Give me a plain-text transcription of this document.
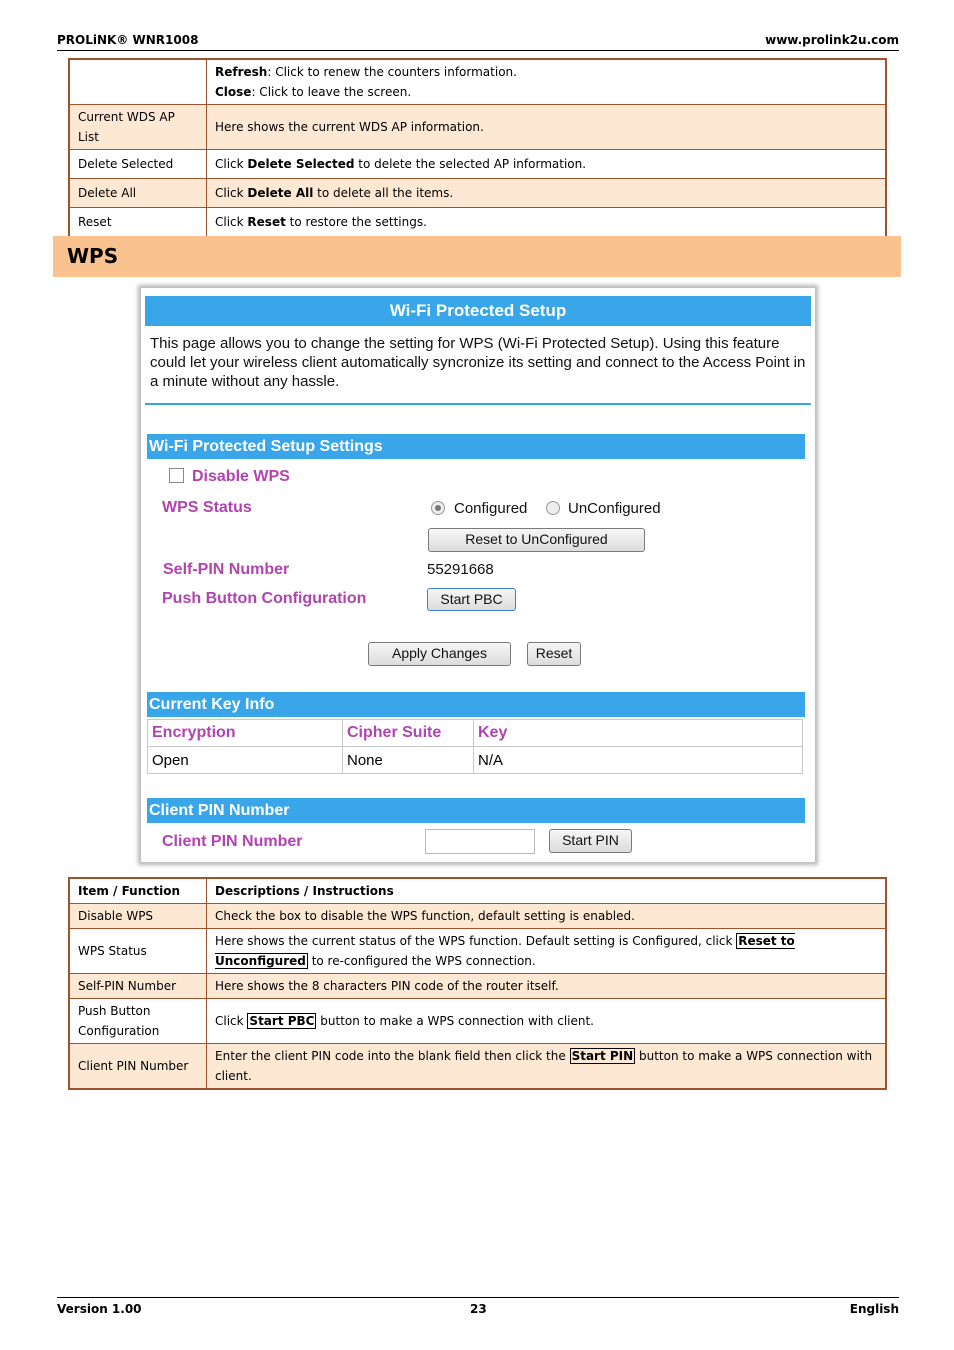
PROLiNK® WNR1008	www.prolink2u.com
	Refresh: Click to renew the counters information.
Close: Click to leave the screen.
Current WDS AP List	Here shows the current WDS AP information.
Delete Selected	Click Delete Selected to delete the selected AP information.
Delete All	Click Delete All to delete all the items.
Reset	Click Reset to restore the settings.
WPS
Wi-Fi Protected Setup
This page allows you to change the setting for WPS (Wi-Fi Protected Setup). Using this feature could let your wireless client automatically syncronize its setting and connect to the Access Point in a minute without any hassle.
Wi-Fi Protected Setup Settings
Disable WPS
WPS Status	Configured	UnConfigured
Reset to UnConfigured
Self-PIN Number	55291668
Push Button Configuration	Start PBC
Apply Changes	Reset
Current Key Info
Encryption	Cipher Suite	Key
Open	None	N/A
Client PIN Number
Client PIN Number	Start PIN
Item / Function	Descriptions / Instructions
Disable WPS	Check the box to disable the WPS function, default setting is enabled.
WPS Status	Here shows the current status of the WPS function. Default setting is Configured, click Reset to Unconfigured to re-configured the WPS connection.
Self-PIN Number	Here shows the 8 characters PIN code of the router itself.
Push Button Configuration	Click Start PBC button to make a WPS connection with client.
Client PIN Number	Enter the client PIN code into the blank field then click the Start PIN button to make a WPS connection with client.
Version 1.00	23	English
